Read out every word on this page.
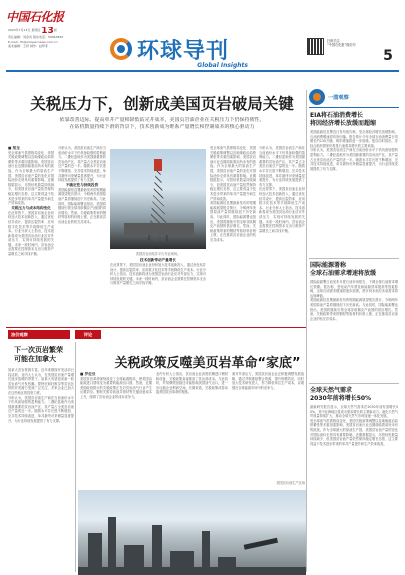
中国石化报
2023年7月13日 星期四 13版
责任编辑：刘金凤 联系电话：59963845
E-mail：fb@sinopecnews.com.cn
美术编辑：王妍 制作：赵梦菲	环球导刊
Global Insights
扫码关注
“中国石化报”微信号
5
关税压力下，创新成美国页岩破局关键
依靠改善边际、提高单井产量和降低钻完井成本，美国页岩油企业在关税压力下仍保持韧性，
在钻机数量持续下滑的背景下，技术创新成为维系产量增长和控制成本的核心驱动力
■ 梁龙

受全球油气供需格局变化、美国关税政策调整以及地缘政治局势紧张等多重因素影响，美国页岩油行业近期面临着前所未有的挑战。作为全球最大的原油生产国，美国页岩油产量的变化对国际油价走势具有重要影响。近期数据显示，尽管钻机数量持续减少，但美国页岩油产量依然保持稳定增长态势，这主要得益于技术进步带来的单井产量提升和生产效率改善。

关税压力与成本结构变化

在此背景下，美国页岩油企业纷纷加大技术创新投入，通过优化钻井设计、提高压裂效率、应用数字化技术等手段降低生产成本。行业分析人士指出，技术创新将成为美国页岩油行业应对外部压力、实现可持续发展的关键。未来一段时间内，页岩油企业需要在控制资本支出与维持产量增长之间寻找平衡。

分析认为，美国页岩油生产商在当前油价水平下仍具备较强的盈利能力。二叠纪盆地作为美国最重要的页岩油产区，其产量占全美页岩油总产量的近一半。随着水平井长度不断增加、完井技术持续改进，单井最终可采储量显著提升，为行业持续发展提供了有力支撑。

不确定性与持续投资

美国能源信息署最新发布的短期能源展望报告预计，今明两年美国原油产量将继续创下历史新高。与此同时，国际能源署也指出，美国将继续引领全球非欧佩克产油国的供应增长。然而，关税政策带来的钢材等原材料价格上涨，正在推高页岩油企业的钻完井成本。

美国页岩油钻井平台作业现场。
技术创新带动产量增长

在此背景下，美国页岩油企业纷纷加大技术创新投入，通过优化钻井设计、提高压裂效率、应用数字化技术等手段降低生产成本。行业分析人士指出，技术创新将成为美国页岩油行业应对外部压力、实现可持续发展的关键。未来一段时间内，页岩油企业需要在控制资本支出与维持产量增长之间寻找平衡。

受全球油气供需格局变化、美国关税政策调整以及地缘政治局势紧张等多重因素影响，美国页岩油行业近期面临着前所未有的挑战。作为全球最大的原油生产国，美国页岩油产量的变化对国际油价走势具有重要影响。近期数据显示，尽管钻机数量持续减少，但美国页岩油产量依然保持稳定增长态势，这主要得益于技术进步带来的单井产量提升和生产效率改善。

美国能源信息署最新发布的短期能源展望报告预计，今明两年美国原油产量将继续创下历史新高。与此同时，国际能源署也指出，美国将继续引领全球非欧佩克产油国的供应增长。然而，关税政策带来的钢材等原材料价格上涨，正在推高页岩油企业的钻完井成本。

分析认为，美国页岩油生产商在当前油价水平下仍具备较强的盈利能力。二叠纪盆地作为美国最重要的页岩油产区，其产量占全美页岩油总产量的近一半。随着水平井长度不断增加、完井技术持续改进，单井最终可采储量显著提升，为行业持续发展提供了有力支撑。

在此背景下，美国页岩油企业纷纷加大技术创新投入，通过优化钻井设计、提高压裂效率、应用数字化技术等手段降低生产成本。行业分析人士指出，技术创新将成为美国页岩油行业应对外部压力、实现可持续发展的关键。未来一段时间内，页岩油企业需要在控制资本支出与维持产量增长之间寻找平衡。

一图观察
EIA将石油消费增长
将因经济增长放缓而超缩

美国能源信息署近日发布报告称，受全球经济增长放缓影响，石油消费增速将有所回落。报告预计今年全球石油消费量日均增长约130万桶，明年增速将进一步放缓。报告同时指出，非经合组织国家仍将是石油需求增长的主要来源。

分析认为，美国页岩油生产商在当前油价水平下仍具备较强的盈利能力。二叠纪盆地作为美国最重要的页岩油产区，其产量占全美页岩油总产量的近一半。随着水平井长度不断增加、完井技术持续改进，单井最终可采储量显著提升，为行业持续发展提供了有力支撑。

国际能源署称
全球石油需求增速将放缓

国际能源署日前发布月度石油市场报告，下调全球石油需求增长预期。报告称，受电动汽车普及和能源效率提高等因素影响，全球石油需求增速将逐步放缓，预计到本世纪末前需求将达到峰值。

美国能源信息署最新发布的短期能源展望报告预计，今明两年美国原油产量将继续创下历史新高。与此同时，国际能源署也指出，美国将继续引领全球非欧佩克产油国的供应增长。然而，关税政策带来的钢材等原材料价格上涨，正在推高页岩油企业的钻完井成本。

全球天然气需求
2030年前将增长50%

最新研究报告显示，全球天然气需求在2030年前有望增长50%，其中亚洲地区将成为需求增长的主要驱动力。液化天然气贸易量持续扩大，推动全球天然气市场加速一体化发展。

受全球油气供需格局变化、美国关税政策调整以及地缘政治局势紧张等多重因素影响，美国页岩油行业近期面临着前所未有的挑战。作为全球最大的原油生产国，美国页岩油产量的变化对国际油价走势具有重要影响。近期数据显示，尽管钻机数量持续减少，但美国页岩油产量依然保持稳定增长态势，这主要得益于技术进步带来的单井产量提升和生产效率改善。

油价观察
下一次页岩繁荣
可能在加拿大

加拿大页岩资源丰富，近年来勘探开发活动日趋活跃。业内人士认为，在美国页岩油产量增长逐步放缓的背景下，加拿大有望迎来新一轮页岩油气开发热潮。蒙特尼和杜维奈等页岩区带的开发潜力受到广泛关注，多家企业已加大在这些地区的投资力度。

分析认为，美国页岩油生产商在当前油价水平下仍具备较强的盈利能力。二叠纪盆地作为美国最重要的页岩油产区，其产量占全美页岩油总产量的近一半。随着水平井长度不断增加、完井技术持续改进，单井最终可采储量显著提升，为行业持续发展提供了有力支撑。

评论
关税政策反噬美页岩革命“家底”
■ 罗佐县

美国页岩革命深刻改变了全球能源格局，使美国由能源进口国转变为重要的能源出口国。然而，近期美国政府推行的关税政策正在对页岩油气行业产生反噬效应。钢材关税导致油井管材等关键设备成本上升，削弱了页岩油企业的成本竞争力。

业内分析人士指出，页岩油企业高度依赖进口钢材和设备，关税政策直接推高了其运营成本。与此同时，贸易摩擦加剧还可能影响美国油气出口，进一步压缩企业利润空间。长期来看，关税政策或将动摇美国页岩革命的根基。

面对外部压力，美国页岩油企业正积极调整发展战略，通过并购重组整合资源，提升规模效应，同时加大技术研发投入，努力降低单位生产成本，以增强在全球能源市场中的竞争力。

美国页岩油生产区域
